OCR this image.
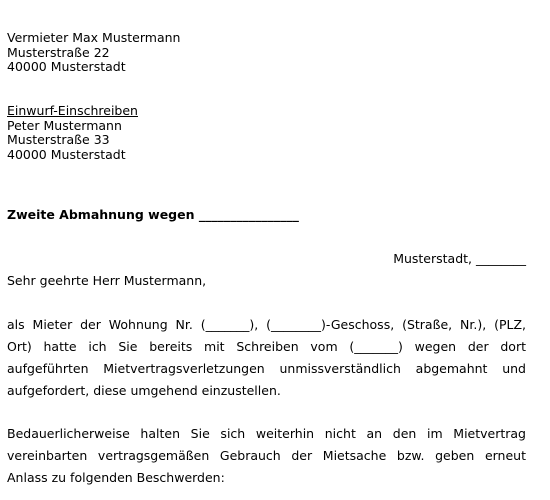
Vermieter Max Mustermann
Musterstraße 22
40000 Musterstadt
Einwurf-Einschreiben
Peter Mustermann
Musterstraße 33
40000 Musterstadt
Zweite Abmahnung wegen ________________
Musterstadt, ________
Sehr geehrte Herr Mustermann,
als Mieter der Wohnung Nr. (_______), (________)-Geschoss, (Straße, Nr.), (PLZ,
Ort) hatte ich Sie bereits mit Schreiben vom (_______) wegen der dort
aufgeführten Mietvertragsverletzungen unmissverständlich abgemahnt und
aufgefordert, diese umgehend einzustellen.
Bedauerlicherweise halten Sie sich weiterhin nicht an den im Mietvertrag
vereinbarten vertragsgemäßen Gebrauch der Mietsache bzw. geben erneut
Anlass zu folgenden Beschwerden:
